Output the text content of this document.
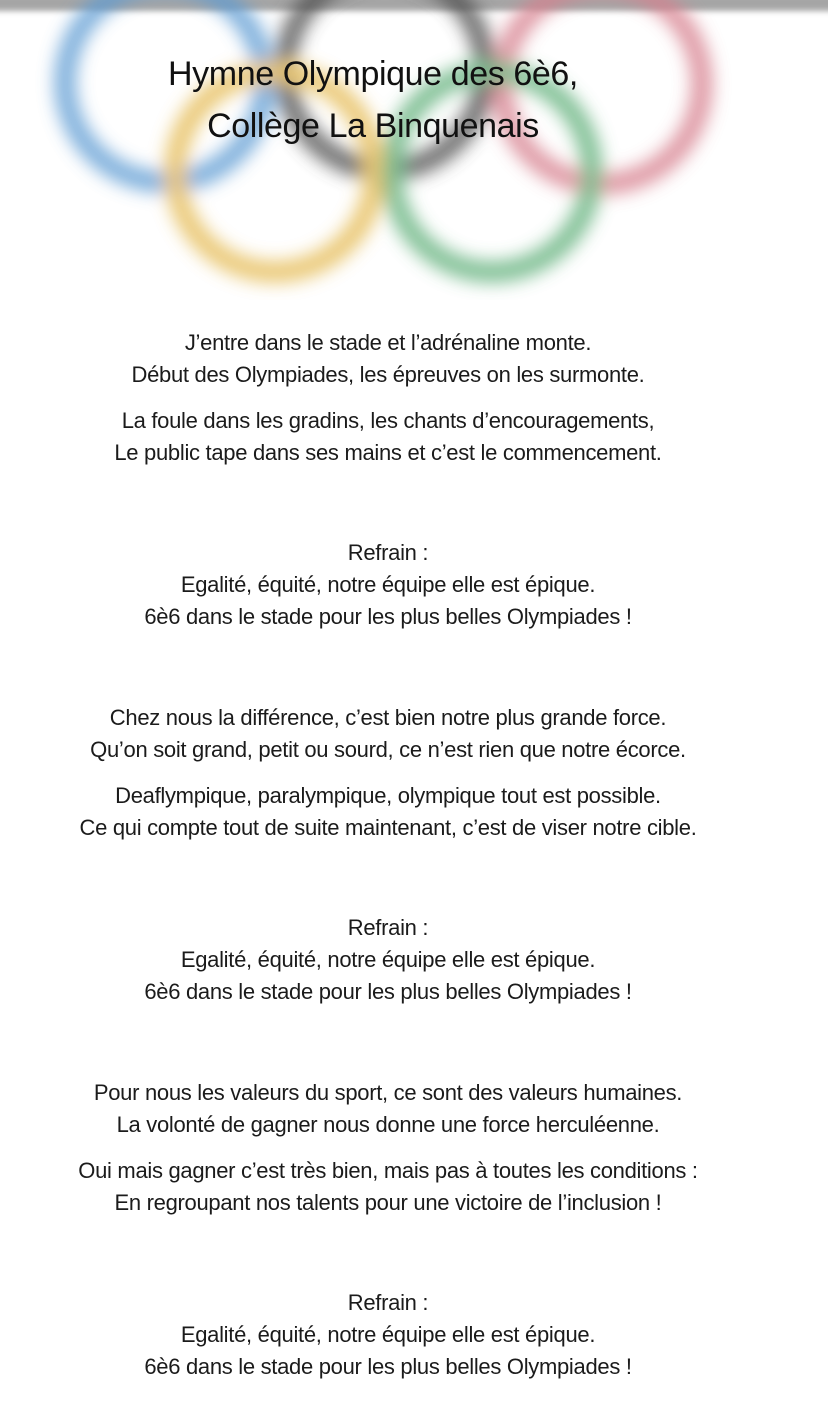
Hymne Olympique des 6è6,
Collège La Binquenais
J’entre dans le stade et l’adrénaline monte.
Début des Olympiades, les épreuves on les surmonte.
La foule dans les gradins, les chants d’encouragements,
Le public tape dans ses mains et c’est le commencement.
Refrain :
Egalité, équité, notre équipe elle est épique.
6è6 dans le stade pour les plus belles Olympiades !
Chez nous la différence, c’est bien notre plus grande force.
Qu’on soit grand, petit ou sourd, ce n’est rien que notre écorce.
Deaflympique, paralympique, olympique tout est possible.
Ce qui compte tout de suite maintenant, c’est de viser notre cible.
Refrain :
Egalité, équité, notre équipe elle est épique.
6è6 dans le stade pour les plus belles Olympiades !
Pour nous les valeurs du sport, ce sont des valeurs humaines.
La volonté de gagner nous donne une force herculéenne.
Oui mais gagner c’est très bien, mais pas à toutes les conditions :
En regroupant nos talents pour une victoire de l’inclusion !
Refrain :
Egalité, équité, notre équipe elle est épique.
6è6 dans le stade pour les plus belles Olympiades !
